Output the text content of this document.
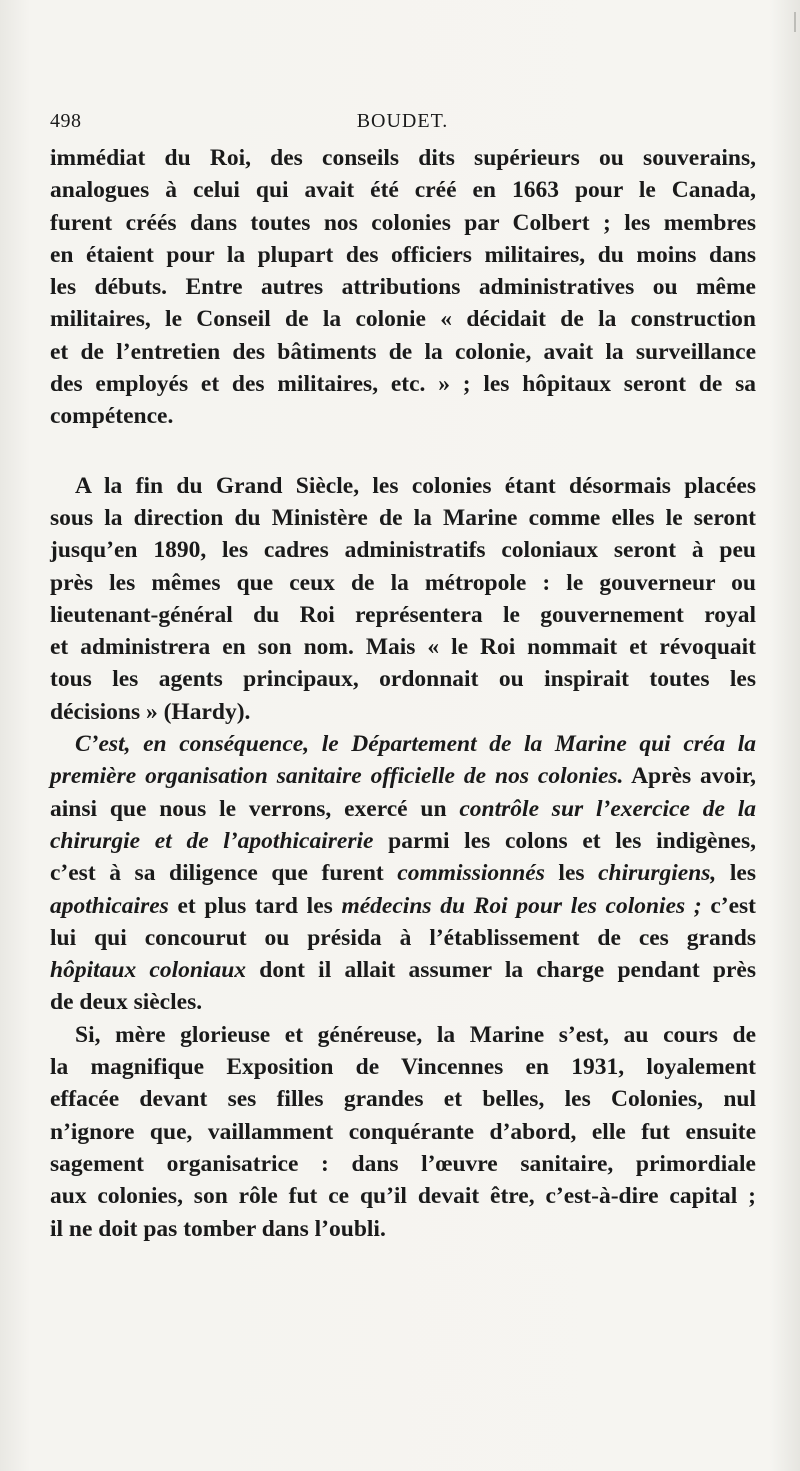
498	BOUDET.
immédiat du Roi, des conseils dits supérieurs ou souverains,
analogues à celui qui avait été créé en 1663 pour le Canada,
furent créés dans toutes nos colonies par Colbert ; les membres
en étaient pour la plupart des officiers militaires, du moins dans
les débuts. Entre autres attributions administratives ou même
militaires, le Conseil de la colonie « décidait de la construction
et de l’entretien des bâtiments de la colonie, avait la surveillance
des employés et des militaires, etc. » ; les hôpitaux seront de sa
compétence.
A la fin du Grand Siècle, les colonies étant désormais placées
sous la direction du Ministère de la Marine comme elles le seront
jusqu’en 1890, les cadres administratifs coloniaux seront à peu
près les mêmes que ceux de la métropole : le gouverneur ou
lieutenant-général du Roi représentera le gouvernement royal
et administrera en son nom. Mais « le Roi nommait et révoquait
tous les agents principaux, ordonnait ou inspirait toutes les
décisions » (Hardy).
C’est, en conséquence, le Département de la Marine qui créa la
première organisation sanitaire officielle de nos colonies. Après avoir,
ainsi que nous le verrons, exercé un contrôle sur l’exercice de la
chirurgie et de l’apothicairerie parmi les colons et les indigènes,
c’est à sa diligence que furent commissionnés les chirurgiens, les
apothicaires et plus tard les médecins du Roi pour les colonies ; c’est
lui qui concourut ou présida à l’établissement de ces grands
hôpitaux coloniaux dont il allait assumer la charge pendant près
de deux siècles.
Si, mère glorieuse et généreuse, la Marine s’est, au cours de
la magnifique Exposition de Vincennes en 1931, loyalement
effacée devant ses filles grandes et belles, les Colonies, nul
n’ignore que, vaillamment conquérante d’abord, elle fut ensuite
sagement organisatrice : dans l’œuvre sanitaire, primordiale
aux colonies, son rôle fut ce qu’il devait être, c’est-à-dire capital ;
il ne doit pas tomber dans l’oubli.
